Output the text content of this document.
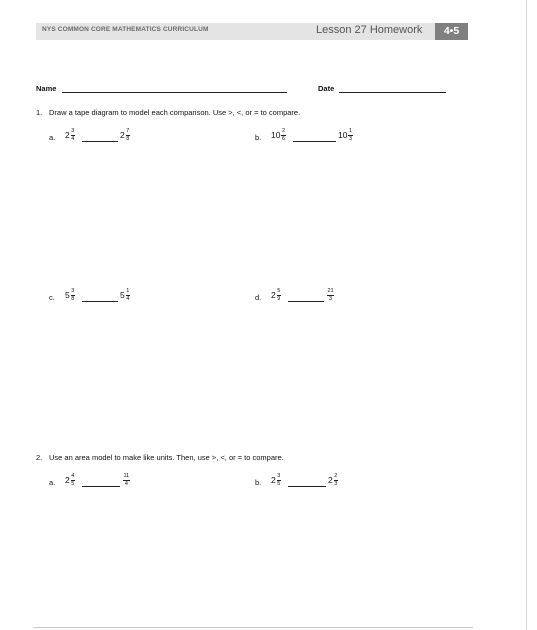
NYS COMMON CORE MATHEMATICS CURRICULUM	Lesson 27 Homework	4•5
Name	Date
1. Draw a tape diagram to model each comparison. Use >, <, or = to compare.
a. $2 \frac{3}{4}$	$2 \frac{7}{8}$	b. $10 \frac{2}{6}$	$10 \frac{1}{3}$
c. $5 \frac{3}{8}$	$5 \frac{1}{4}$	d. $2 \frac{5}{9}$	$\frac{21}{3}$
2. Use an area model to make like units. Then, use >, <, or = to compare.
a. $2 \frac{4}{5}$	$\frac{11}{4}$	b. $2 \frac{3}{5}$	$2 \frac{2}{3}$
